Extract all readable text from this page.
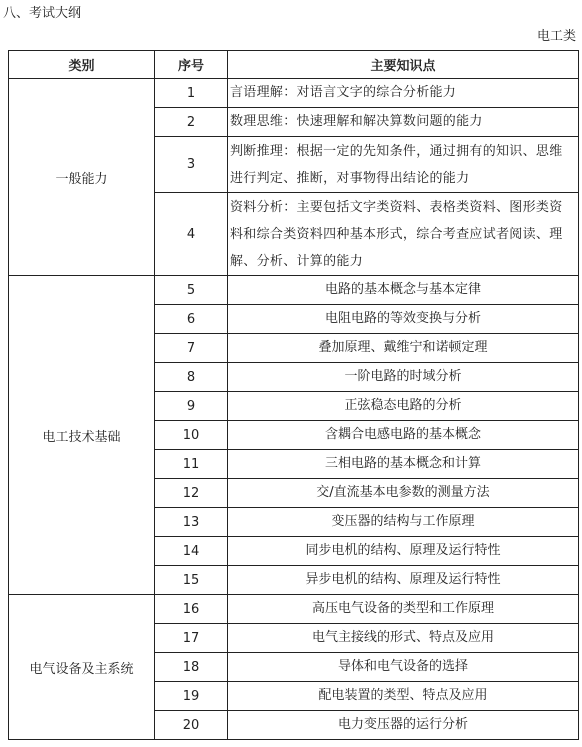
八、考试大纲
电工类
类别	序号	主要知识点
一般能力	1	言语理解：对语言文字的综合分析能力
	2	数理思维：快速理解和解决算数问题的能力
	3	判断推理：根据一定的先知条件，通过拥有的知识、思维进行判定、推断，对事物得出结论的能力
	4	资料分析：主要包括文字类资料、表格类资料、图形类资料和综合类资料四种基本形式，综合考查应试者阅读、理解、分析、计算的能力
电工技术基础	5	电路的基本概念与基本定律
	6	电阻电路的等效变换与分析
	7	叠加原理、戴维宁和诺顿定理
	8	一阶电路的时域分析
	9	正弦稳态电路的分析
	10	含耦合电感电路的基本概念
	11	三相电路的基本概念和计算
	12	交/直流基本电参数的测量方法
	13	变压器的结构与工作原理
	14	同步电机的结构、原理及运行特性
	15	异步电机的结构、原理及运行特性
电气设备及主系统	16	高压电气设备的类型和工作原理
	17	电气主接线的形式、特点及应用
	18	导体和电气设备的选择
	19	配电装置的类型、特点及应用
	20	电力变压器的运行分析
